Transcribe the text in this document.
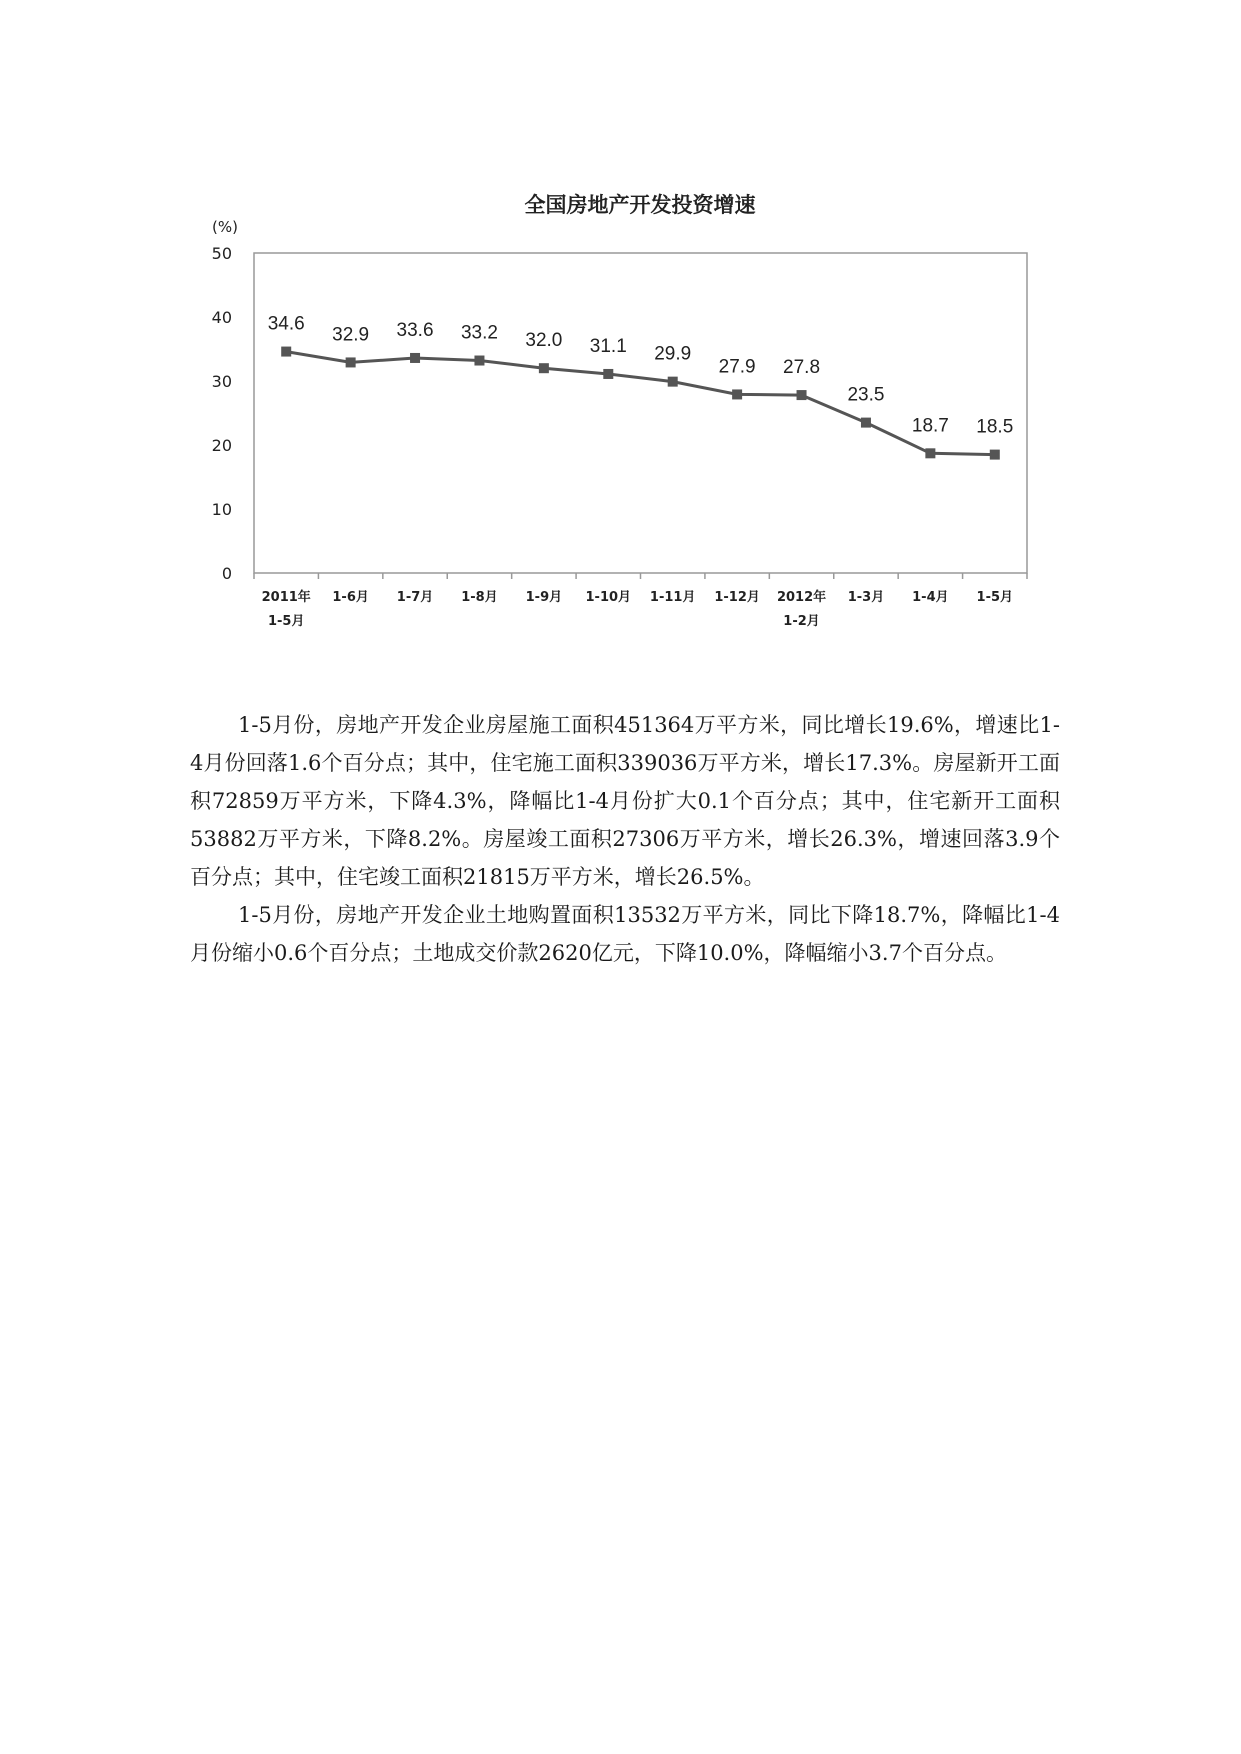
全国房地产开发投资增速
(%)
0
10
20
30
40
50
2011年
1-5月
1-6月 1-7月 1-8月 1-9月 1-10月 1-11月 1-12月 2012年
1-2月
1-3月 1-4月 1-5月
34.6
32.9 33.6 33.2 32.0 31.1 29.9
27.9 27.8
23.5
18.7 18.5

1-5月份，房地产开发企业房屋施工面积451364万平方米，同比增长19.6%，增速比1-4月份回落1.6个百分点；其中，住宅施工面积339036万平方米，增长17.3%。房屋新开工面积72859万平方米，下降4.3%，降幅比1-4月份扩大0.1个百分点；其中，住宅新开工面积53882万平方米，下降8.2%。房屋竣工面积27306万平方米，增长26.3%，增速回落3.9个百分点；其中，住宅竣工面积21815万平方米，增长26.5%。

1-5月份，房地产开发企业土地购置面积13532万平方米，同比下降18.7%，降幅比1-4月份缩小0.6个百分点；土地成交价款2620亿元，下降10.0%，降幅缩小3.7个百分点。
